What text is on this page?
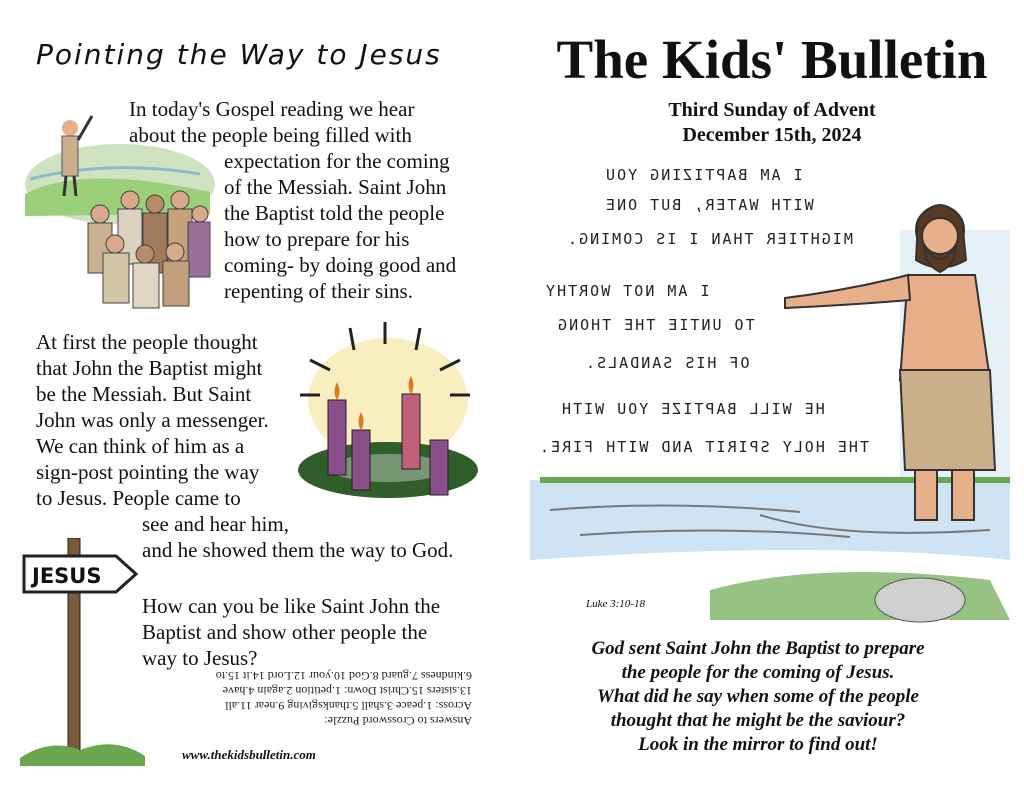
Pointing the Way to Jesus
In today's Gospel reading we hear
about the people being filled with
expectation for the coming
of the Messiah. Saint John
the Baptist told the people
how to prepare for his
coming- by doing good and
repenting of their sins.
At first the people thought
that John the Baptist might
be the Messiah. But Saint
John was only a messenger.
We can think of him as a
sign-post pointing the way
to Jesus. People came to
see and hear him,
and he showed them the way to God.
JESUS
How can you be like Saint John the
Baptist and show other people the
way to Jesus?
Answers to Crossword Puzzle:
Across: 1.peace 3.shall 5.thanksgiving 9.near 11.all
13.sisters 15.Christ Down: 1.petition 2.again 4.have
6.kindness 7.guard 8.God 10.your 12.Lord 14.it 15.to
www.thekidsbulletin.com
The Kids' Bulletin
Third Sunday of Advent
December 15th, 2024
I AM BAPTIZING YOU
WITH WATER, BUT ONE
MIGHTIER THAN I IS COMING.
I AM NOT WORTHY
TO UNTIE THE THONG
OF HIS SANDALS.
HE WILL BAPTIZE YOU WITH
THE HOLY SPIRIT AND WITH FIRE.
Luke 3:10-18
God sent Saint John the Baptist to prepare
the people for the coming of Jesus.
What did he say when some of the people
thought that he might be the saviour?
Look in the mirror to find out!
